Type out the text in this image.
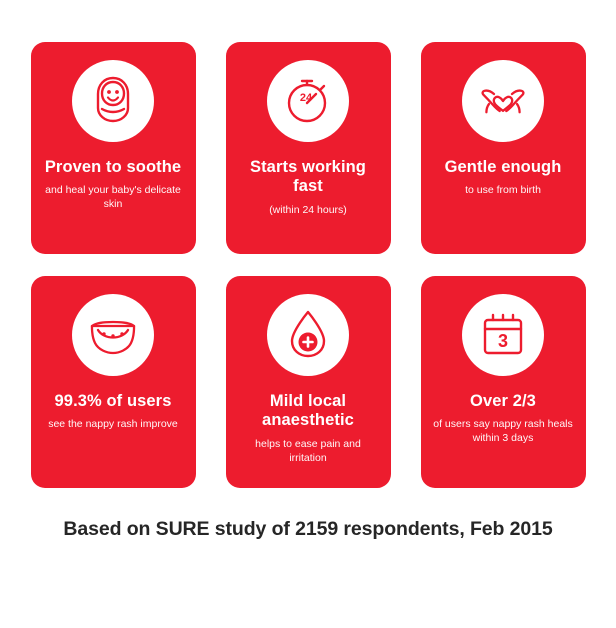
Proven to soothe
and heal your baby's delicate skin
24
Starts working fast
(within 24 hours)
Gentle enough
to use from birth
99.3% of users
see the nappy rash improve
Mild local anaesthetic
helps to ease pain and irritation
3
Over 2/3
of users say nappy rash heals within 3 days
Based on SURE study of 2159 respondents, Feb 2015
